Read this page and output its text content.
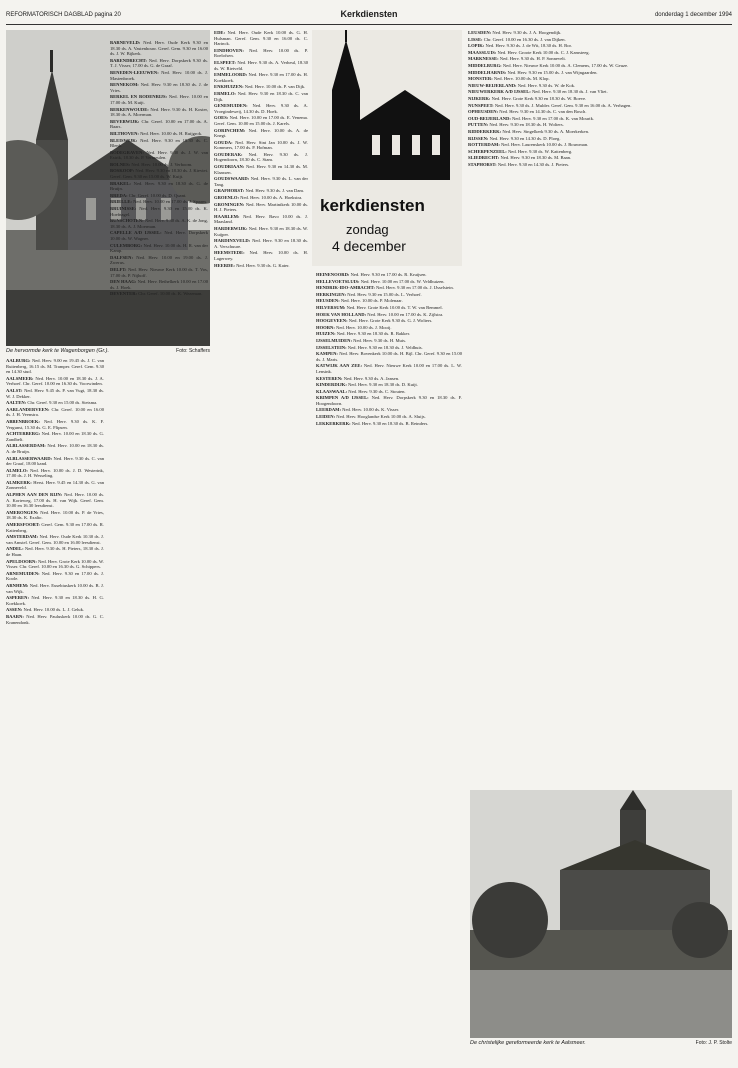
REFORMATORISCH DAGBLAD pagina 20	Kerkdiensten	donderdag 1 december 1994
De hervormde kerk te Wagenborgen (Gr.).	Foto: Schaffers
kerkdiensten
zondag
4 december

AALBURG: Ned. Herv. 9.00 en 19.45 ds. J. C. van Ruitenberg, 16.15 ds. M. Tramper. Geref. Gem. 9.30 en 14.30 stud.

AALSMEER: Ned. Herv. 10.00 en 18.30 ds. J. A. Verhoef. Chr. Geref. 10.00 en 16.30 ds. Voorwinden.

AALST: Ned. Herv. 9.45 ds. P. van Vugt, 18.30 ds. W. J. Dekker.

AALTEN: Chr. Geref. 9.30 en 15.00 ds. Sietsma.

AARLANDERVEEN: Chr. Geref. 10.00 en 16.00 ds. J. H. Veenstra.

ABBENBROEK: Ned. Herv. 9.30 ds. K. F. Vergunst, 15.30 ds. G. E. Flipsen.

ACHTERBERG: Ned. Herv. 10.00 en 18.30 ds. G. Zandbelt.

ALBLASSERDAM: Ned. Herv. 10.00 en 18.30 ds. A. de Bruijn.

ALBLASSERWAARD: Ned. Herv. 9.30 ds. C. van der Graaf, 18.00 kand.

ALMELO: Ned. Herv. 10.00 ds. J. D. Westerink, 17.00 ds. J. H. Wesseling.

ALMKERK: Herst. Herv. 9.45 en 14.30 ds. G. van Zonneveld.

ALPHEN AAN DEN RIJN: Ned. Herv. 10.00 ds. A. Korteweg, 17.00 ds. H. van Wijk. Geref. Gem. 10.00 en 16.30 leesdienst.

AMERONGEN: Ned. Herv. 10.00 ds. P. de Vries, 18.30 ds. K. Exalto.

AMERSFOORT: Geref. Gem. 9.30 en 17.00 ds. R. Kattenberg.

AMSTERDAM: Ned. Herv. Oude Kerk 10.30 ds. J. van Amstel. Geref. Gem. 10.00 en 16.00 leesdienst.

ANDEL: Ned. Herv. 9.30 ds. H. Pieters, 18.30 ds. J. de Haan.

APELDOORN: Ned. Herv. Grote Kerk 10.00 ds. W. Visser. Chr. Geref. 10.00 en 16.30 ds. G. Schippers.

ARNEMUIDEN: Ned. Herv. 9.30 en 17.00 ds. J. Koole.

ARNHEM: Ned. Herv. Eusebiuskerk 10.00 ds. B. J. van Wijk.

ASPEREN: Ned. Herv. 9.30 en 18.30 ds. H. G. Koekkoek.

ASSEN: Ned. Herv. 10.00 ds. L. J. Geluk.

BAARN: Ned. Herv. Pauluskerk 10.00 ds. G. C. Kranendonk.

BARNEVELD: Ned. Herv. Oude Kerk 9.30 en 18.30 ds. A. Vastenhouw. Geref. Gem. 9.30 en 16.00 ds. J. W. Bijkerk.

BARENDRECHT: Ned. Herv. Dorpskerk 9.30 ds. T. J. Visser, 17.00 ds. G. de Graaf.

BENEDEN-LEEUWEN: Ned. Herv. 10.00 ds. J. Mastenbroek.

BENNEKOM: Ned. Herv. 9.30 en 18.30 ds. J. de Vries.

BERKEL EN RODENRIJS: Ned. Herv. 10.00 en 17.00 ds. M. Kuijt.

BERKENWOUDE: Ned. Herv. 9.30 ds. H. Koster, 18.30 ds. A. Moerman.

BEVERWIJK: Chr. Geref. 10.00 en 17.00 ds. A. Baars.

BILTHOVEN: Ned. Herv. 10.00 ds. H. Ruijgrok.

BLEISWIJK: Ned. Herv. 9.30 en 18.30 ds. C. Blenk.

BODEGRAVEN: Ned. Herv. 9.30 ds. J. W. van Estrik, 18.30 ds. P. Vermeulen.

BOLNES: Ned. Herv. 10.00 ds. J. Verboom.

BOSKOOP: Ned. Herv. 9.30 en 18.30 ds. J. Kieviet. Geref. Gem. 9.30 en 15.00 ds. W. Kuijt.

BRAKEL: Ned. Herv. 9.30 en 18.30 ds. G. de Bruijn.

BREDA: Chr. Geref. 10.00 ds. D. Quant.

BRIELLE: Ned. Herv. 10.00 en 17.00 ds. J. Spaans.

BRUINISSE: Ned. Herv. 9.30 en 15.00 ds. K. Hoefnagel.

BUNSCHOTEN: Ned. Herv. 9.30 ds. A. K. de Jong, 18.30 ds. A. J. Moerman.

CAPELLE A/D IJSSEL: Ned. Herv. Dorpskerk 10.00 ds. W. Wagner.

CULEMBORG: Ned. Herv. 10.00 ds. H. R. van der Kamp.

DALFSEN: Ned. Herv. 10.00 en 19.00 ds. J. Zwerus.

DELFT: Ned. Herv. Nieuwe Kerk 10.00 ds. T. Vos, 17.00 ds. P. Nijhoff.

DEN HAAG: Ned. Herv. Bethelkerk 10.00 en 17.00 ds. J. Hoek.

DEVENTER: Chr. Geref. 10.00 ds. K. Wezeman.

EDE: Ned. Herv. Oude Kerk 10.00 ds. G. H. Hulsman. Geref. Gem. 9.30 en 16.00 ds. C. Harinck.

EINDHOVEN: Ned. Herv. 10.00 ds. P. Roelofsen.

ELSPEET: Ned. Herv. 9.30 ds. A. Verheul, 18.30 ds. W. Rietveld.

EMMELOORD: Ned. Herv. 9.30 en 17.00 ds. H. Koekkoek.

ENKHUIZEN: Ned. Herv. 10.00 ds. P. van Dijk.

ERMELO: Ned. Herv. 9.30 en 18.30 ds. C. van Dijk.

GENEMUIDEN: Ned. Herv. 9.30 ds. A. Vroegindeweij, 14.30 ds. D. Hoek.

GOES: Ned. Herv. 10.00 en 17.00 ds. E. Venema. Geref. Gem. 10.00 en 15.00 ds. J. Karels.

GORINCHEM: Ned. Herv. 10.00 ds. A. de Knegt.

GOUDA: Ned. Herv. Sint Jan 10.00 ds. J. W. Kommers, 17.00 ds. P. Hofman.

GOUDERAK: Ned. Herv. 9.30 ds. J. Hogendoorn, 18.30 ds. C. Stam.

GOUDRIAAN: Ned. Herv. 9.30 en 14.30 ds. M. Klaassen.

GOUDSWAARD: Ned. Herv. 9.30 ds. L. van der Tang.

GRAFHORST: Ned. Herv. 9.30 ds. J. van Dam.

GROENLO: Ned. Herv. 10.00 ds. A. Hoekstra.

GRONINGEN: Ned. Herv. Martinikerk 10.00 ds. H. J. Pieters.

HAARLEM: Ned. Herv. Bavo 10.00 ds. J. Maasland.

HARDERWIJK: Ned. Herv. 9.30 en 18.30 ds. W. Kuijper.

HARDINXVELD: Ned. Herv. 9.30 en 18.30 ds. A. Verschuure.

HEEMSTEDE: Ned. Herv. 10.00 ds. H. Lagerwey.

HEERDE: Ned. Herv. 9.30 ds. G. Kater.

HEINENOORD: Ned. Herv. 9.30 en 17.00 ds. R. Kruijsen.

HELLEVOETSLUIS: Ned. Herv. 10.00 en 17.00 ds. W. Veldhuizen.

HENDRIK-IDO-AMBACHT: Ned. Herv. 9.30 en 17.00 ds. J. IJsselstein.

HERKINGEN: Ned. Herv. 9.30 en 15.00 ds. L. Verhoef.

HEUSDEN: Ned. Herv. 10.00 ds. P. Molenaar.

HILVERSUM: Ned. Herv. Grote Kerk 10.00 ds. T. W. van Bemmel.

HOEK VAN HOLLAND: Ned. Herv. 10.00 en 17.00 ds. K. Zijlstra.

HOOGEVEEN: Ned. Herv. Grote Kerk 9.30 ds. G. J. Wolters.

HOORN: Ned. Herv. 10.00 ds. J. Mooij.

HUIZEN: Ned. Herv. 9.30 en 18.30 ds. R. Bakker.

IJSSELMUIDEN: Ned. Herv. 9.30 ds. H. Muis.

IJSSELSTEIN: Ned. Herv. 9.30 en 18.30 ds. J. Veldhuis.

KAMPEN: Ned. Herv. Bovenkerk 10.00 ds. H. Bijl. Chr. Geref. 9.30 en 15.00 ds. J. Maris.

KATWIJK AAN ZEE: Ned. Herv. Nieuwe Kerk 10.00 en 17.00 ds. L. W. Lensink.

KESTEREN: Ned. Herv. 9.30 ds. A. Jansen.

KINDERDIJK: Ned. Herv. 9.30 en 18.30 ds. D. Kuijt.

KLAASWAAL: Ned. Herv. 9.30 ds. C. Stouten.

KRIMPEN A/D IJSSEL: Ned. Herv. Dorpskerk 9.30 en 18.30 ds. F. Hoogendoorn.

LEERDAM: Ned. Herv. 10.00 ds. K. Visser.

LEIDEN: Ned. Herv. Hooglandse Kerk 10.00 ds. A. Sluijs.

LEKKERKERK: Ned. Herv. 9.30 en 18.30 ds. B. Reinders.

LEUSDEN: Ned. Herv. 9.30 ds. J. A. Hoogendijk.

LISSE: Chr. Geref. 10.00 en 16.30 ds. J. van Dijken.

LOPIK: Ned. Herv. 9.30 ds. J. de Wit, 18.30 ds. H. Bor.

MAASSLUIS: Ned. Herv. Groote Kerk 10.00 ds. C. J. Kamsteeg.

MARKNESSE: Ned. Herv. 9.30 ds. H. P. Sonnevelt.

MIDDELBURG: Ned. Herv. Nieuwe Kerk 10.00 ds. A. Clemens, 17.00 ds. W. Geuze.

MIDDELHARNIS: Ned. Herv. 9.30 en 15.00 ds. J. van Wijngaarden.

MONSTER: Ned. Herv. 10.00 ds. M. Klop.

NIEUW-BEIJERLAND: Ned. Herv. 9.30 ds. W. de Kok.

NIEUWERKERK A/D IJSSEL: Ned. Herv. 9.30 en 18.30 ds. J. van Vliet.

NIJKERK: Ned. Herv. Grote Kerk 9.30 en 18.30 ds. W. Boeve.

NUNSPEET: Ned. Herv. 9.30 ds. J. Mulder. Geref. Gem. 9.30 en 16.00 ds. A. Verhagen.

OPHEUSDEN: Ned. Herv. 9.30 en 14.30 ds. C. van den Bosch.

OUD-BEIJERLAND: Ned. Herv. 9.30 en 17.00 ds. K. van Mourik.

PUTTEN: Ned. Herv. 9.30 en 18.30 ds. H. Wolters.

RIDDERKERK: Ned. Herv. Singelkerk 9.30 ds. A. Moerkerken.

RIJSSEN: Ned. Herv. 9.30 en 14.30 ds. D. Ploeg.

ROTTERDAM: Ned. Herv. Laurenskerk 10.00 ds. J. Bouwman.

SCHERPENZEEL: Ned. Herv. 9.30 ds. W. Kattenberg.

SLIEDRECHT: Ned. Herv. 9.30 en 18.30 ds. M. Baan.

STAPHORST: Ned. Herv. 9.30 en 14.30 ds. J. Pieters.

De christelijke gereformeerde kerk te Aalsmeer.	Foto: J. P. Stolte
